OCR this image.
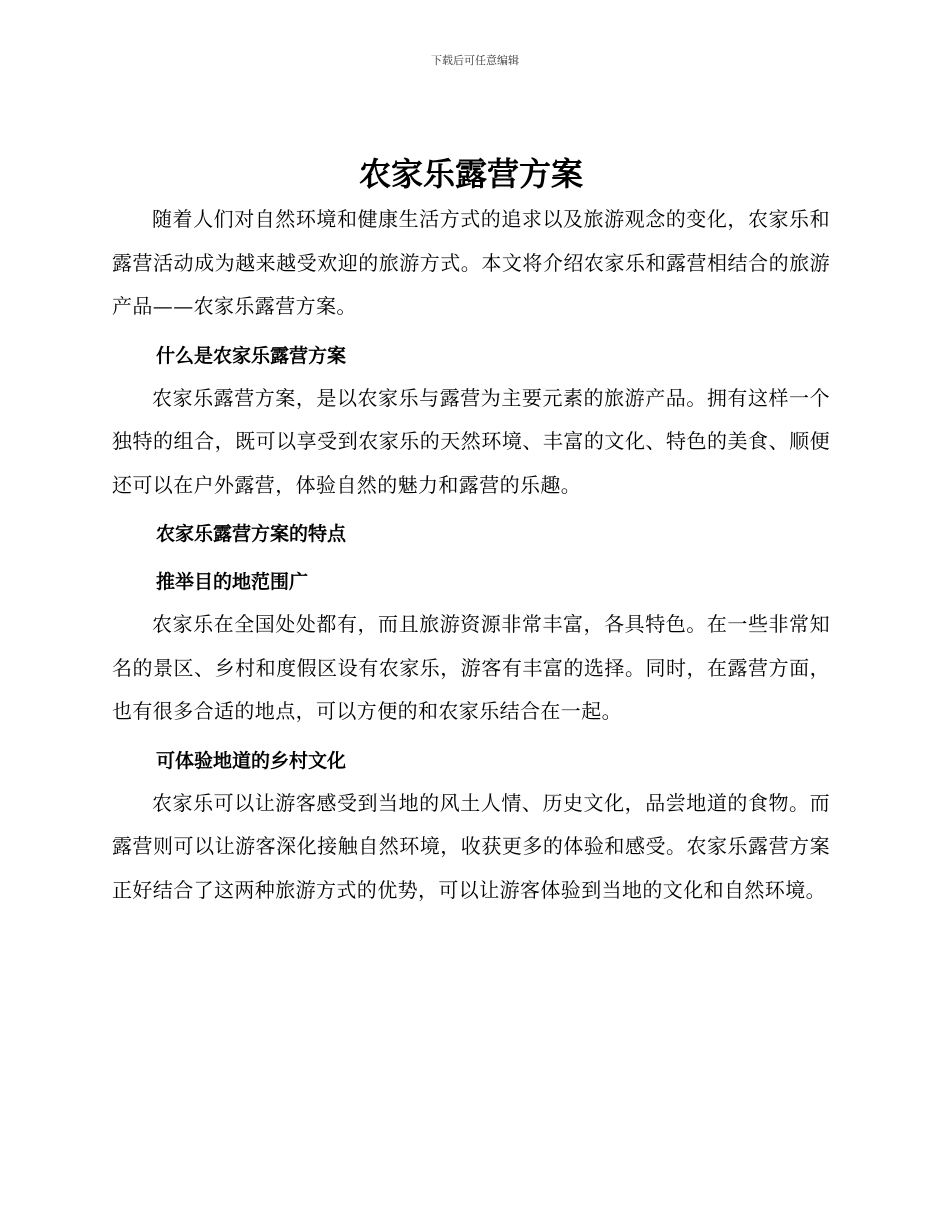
下载后可任意编辑
农家乐露营方案

随着人们对自然环境和健康生活方式的追求以及旅游观念的变化，农家乐和露营活动成为越来越受欢迎的旅游方式。本文将介绍农家乐和露营相结合的旅游产品——农家乐露营方案。

什么是农家乐露营方案

农家乐露营方案，是以农家乐与露营为主要元素的旅游产品。拥有这样一个独特的组合，既可以享受到农家乐的天然环境、丰富的文化、特色的美食、顺便还可以在户外露营，体验自然的魅力和露营的乐趣。

农家乐露营方案的特点
推举目的地范围广

农家乐在全国处处都有，而且旅游资源非常丰富，各具特色。在一些非常知名的景区、乡村和度假区设有农家乐，游客有丰富的选择。同时，在露营方面，也有很多合适的地点，可以方便的和农家乐结合在一起。

可体验地道的乡村文化

农家乐可以让游客感受到当地的风土人情、历史文化，品尝地道的食物。而露营则可以让游客深化接触自然环境，收获更多的体验和感受。农家乐露营方案正好结合了这两种旅游方式的优势，可以让游客体验到当地的文化和自然环境。
